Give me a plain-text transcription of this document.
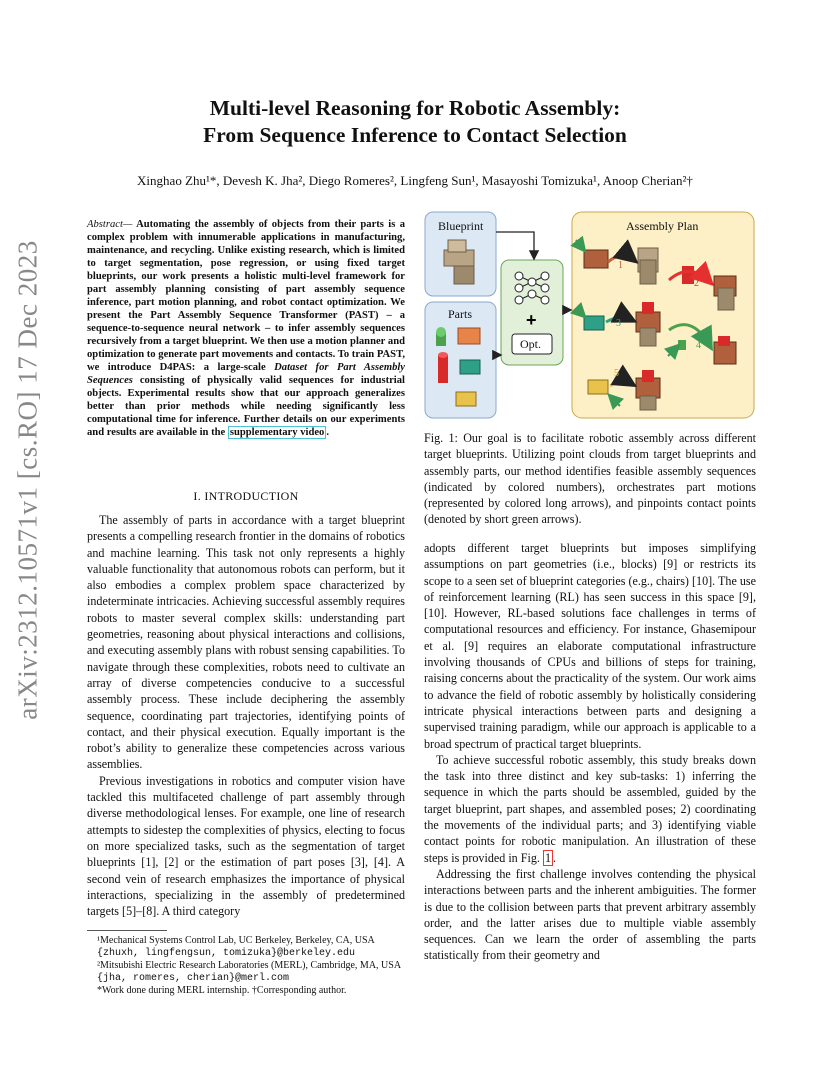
arXiv:2312.10571v1 [cs.RO] 17 Dec 2023
Multi-level Reasoning for Robotic Assembly:
From Sequence Inference to Contact Selection
Xinghao Zhu¹*, Devesh K. Jha², Diego Romeres², Lingfeng Sun¹, Masayoshi Tomizuka¹, Anoop Cherian²†
Abstract— Automating the assembly of objects from their parts is a complex problem with innumerable applications in manufacturing, maintenance, and recycling. Unlike existing research, which is limited to target segmentation, pose regression, or using fixed target blueprints, our work presents a holistic multi-level framework for part assembly planning consisting of part assembly sequence inference, part motion planning, and robot contact optimization. We present the Part Assembly Sequence Transformer (PAST) – a sequence-to-sequence neural network – to infer assembly sequences recursively from a target blueprint. We then use a motion planner and optimization to generate part movements and contacts. To train PAST, we introduce D4PAS: a large-scale Dataset for Part Assembly Sequences consisting of physically valid sequences for industrial objects. Experimental results show that our approach generalizes better than prior methods while needing significantly less computational time for inference. Further details on our experiments and results are available in the supplementary video .
I. INTRODUCTION

The assembly of parts in accordance with a target blueprint presents a compelling research frontier in the domains of robotics and machine learning. This task not only represents a highly valuable functionality that autonomous robots can perform, but it also embodies a complex problem space characterized by indeterminate intricacies. Achieving successful assembly requires robots to master several complex skills: understanding part geometries, reasoning about physical interactions and collisions, and executing assembly plans with robust sensing capabilities. To navigate through these complexities, robots need to cultivate an array of diverse competencies conducive to a successful assembly process. These include deciphering the assembly sequence, coordinating part trajectories, identifying points of contact, and their physical execution. Equally important is the robot’s ability to generalize these competencies across various assemblies.

Previous investigations in robotics and computer vision have tackled this multifaceted challenge of part assembly through diverse methodological lenses. For example, one line of research attempts to sidestep the complexities of physics, electing to focus on more specialized tasks, such as the segmentation of target blueprints [1], [2] or the estimation of part poses [3], [4]. A second vein of research emphasizes the importance of physical interactions, specializing in the assembly of predetermined targets [5]–[8]. A third category

¹Mechanical Systems Control Lab, UC Berkeley, Berkeley, CA, USA

{zhuxh, lingfengsun, tomizuka}@berkeley.edu

²Mitsubishi Electric Research Laboratories (MERL), Cambridge, MA, USA

{jha, romeres, cherian}@merl.com

*Work done during MERL internship. †Corresponding author.

+
Blueprint
Parts
Assembly Plan
Opt.
1
2
3
4
5
Fig. 1: Our goal is to facilitate robotic assembly across different target blueprints. Utilizing point clouds from target blueprints and assembly parts, our method identifies feasible assembly sequences (indicated by colored numbers), orchestrates part motions (represented by colored long arrows), and pinpoints contact points (denoted by short green arrows).

adopts different target blueprints but imposes simplifying assumptions on part geometries (i.e., blocks) [9] or restricts its scope to a seen set of blueprint categories (e.g., chairs) [10]. The use of reinforcement learning (RL) has seen success in this space [9], [10]. However, RL-based solutions face challenges in terms of computational resources and efficiency. For instance, Ghasemipour et al. [9] requires an elaborate computational infrastructure involving thousands of CPUs and billions of steps for training, raising concerns about the practicality of the system. Our work aims to advance the field of robotic assembly by holistically considering intricate physical interactions between parts and designing a supervised training paradigm, while our approach is applicable to a broad spectrum of practical target blueprints.

To achieve successful robotic assembly, this study breaks down the task into three distinct and key sub-tasks: 1) inferring the sequence in which the parts should be assembled, guided by the target blueprint, part shapes, and assembled poses; 2) coordinating the movements of the individual parts; and 3) identifying viable contact points for robotic manipulation. An illustration of these steps is provided in Fig. 1 .

Addressing the first challenge involves contending the physical interactions between parts and the inherent ambiguities. The former is due to the collision between parts that prevent arbitrary assembly order, and the latter arises due to multiple viable assembly sequences. Can we learn the order of assembling the parts statistically from their geometry and
